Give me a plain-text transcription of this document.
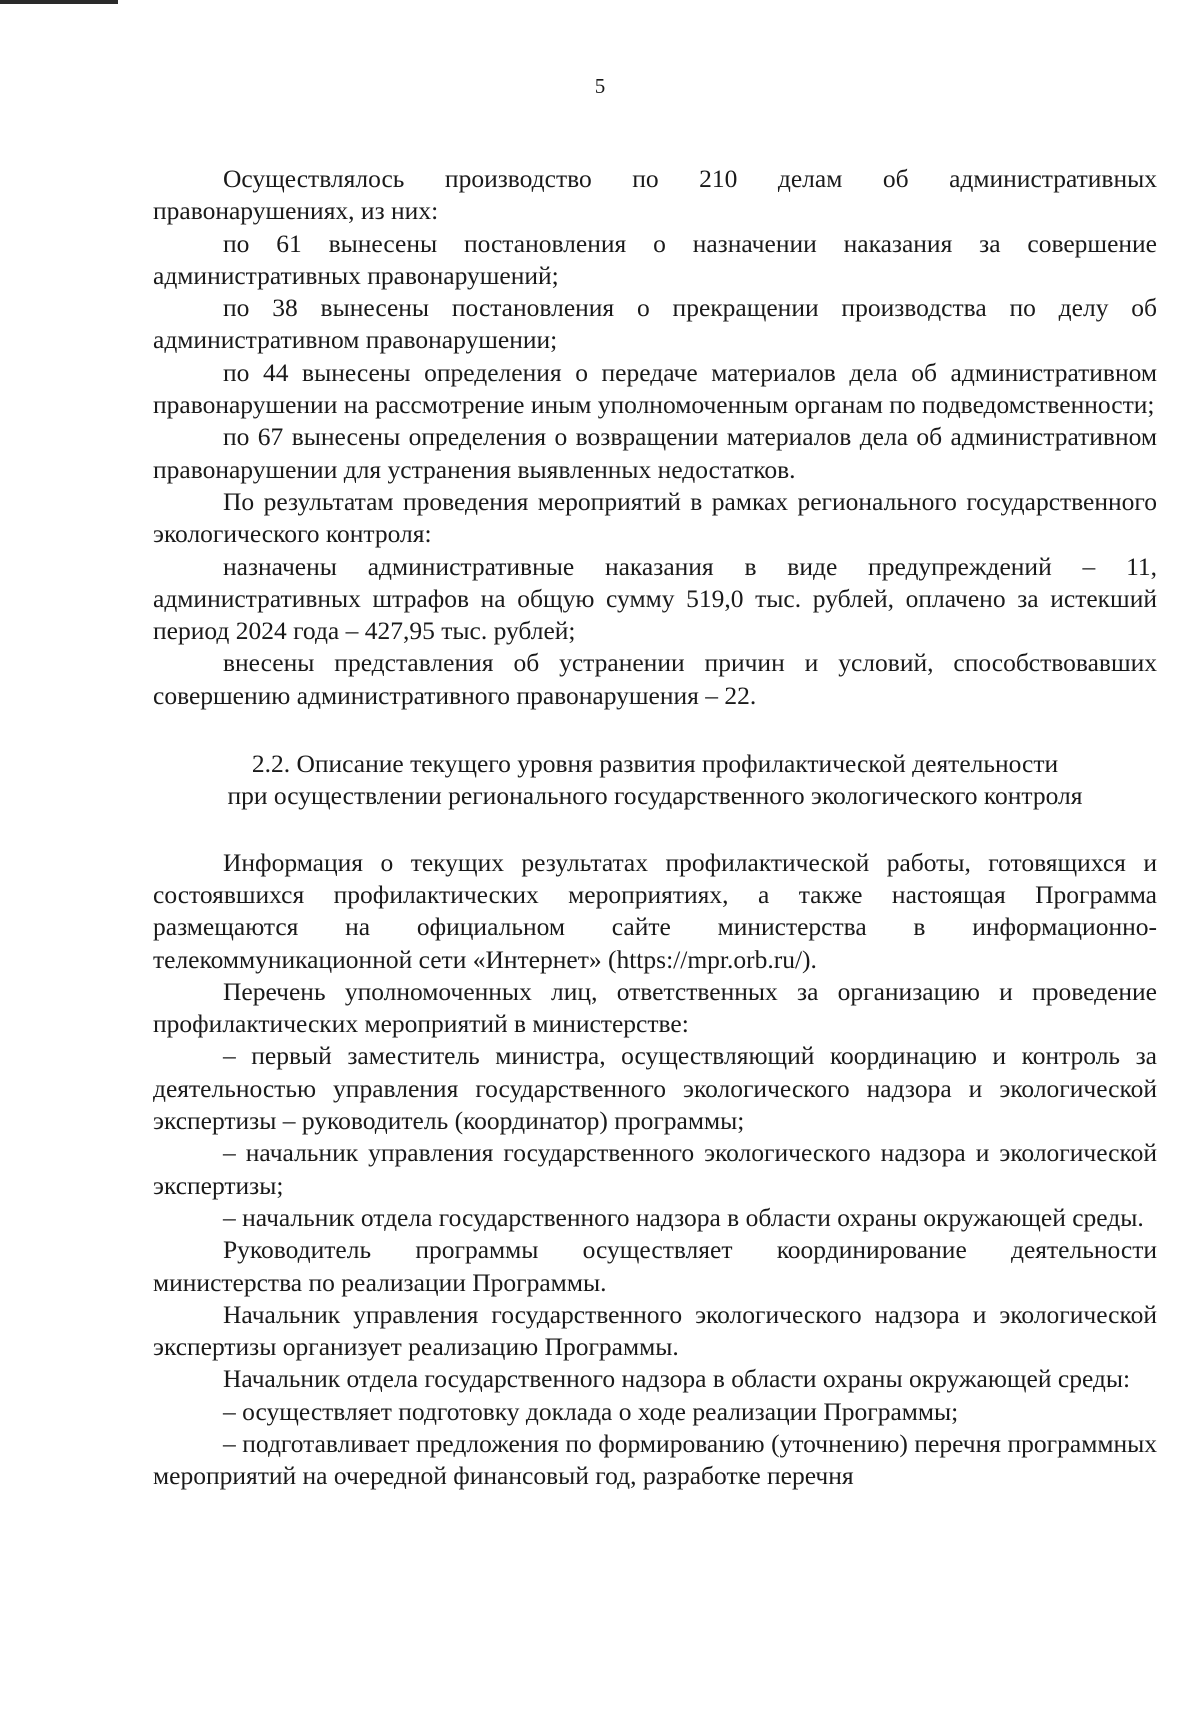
5

Осуществлялось производство по 210 делам об административных правонарушениях, из них:

по 61 вынесены постановления о назначении наказания за совершение административных правонарушений;

по 38 вынесены постановления о прекращении производства по делу об административном правонарушении;

по 44 вынесены определения о передаче материалов дела об административном правонарушении на рассмотрение иным уполномоченным органам по подведомственности;

по 67 вынесены определения о возвращении материалов дела об административном правонарушении для устранения выявленных недостатков.

По результатам проведения мероприятий в рамках регионального государственного экологического контроля:

назначены административные наказания в виде предупреждений – 11, административных штрафов на общую сумму 519,0 тыс. рублей, оплачено за истекший период 2024 года – 427,95 тыс. рублей;

внесены представления об устранении причин и условий, способствовавших совершению административного правонарушения – 22.

2.2. Описание текущего уровня развития профилактической деятельности
при осуществлении регионального государственного экологического контроля

Информация о текущих результатах профилактической работы, готовящихся и состоявшихся профилактических мероприятиях, а также настоящая Программа размещаются на официальном сайте министерства в информационно-телекоммуникационной сети «Интернет» (https://mpr.orb.ru/).

Перечень уполномоченных лиц, ответственных за организацию и проведение профилактических мероприятий в министерстве:

– первый заместитель министра, осуществляющий координацию и контроль за деятельностью управления государственного экологического надзора и экологической экспертизы – руководитель (координатор) программы;

– начальник управления государственного экологического надзора и экологической экспертизы;

– начальник отдела государственного надзора в области охраны окружающей среды.

Руководитель программы осуществляет координирование деятельности министерства по реализации Программы.

Начальник управления государственного экологического надзора и экологической экспертизы организует реализацию Программы.

Начальник отдела государственного надзора в области охраны окружающей среды:

– осуществляет подготовку доклада о ходе реализации Программы;

– подготавливает предложения по формированию (уточнению) перечня программных мероприятий на очередной финансовый год, разработке перечня
